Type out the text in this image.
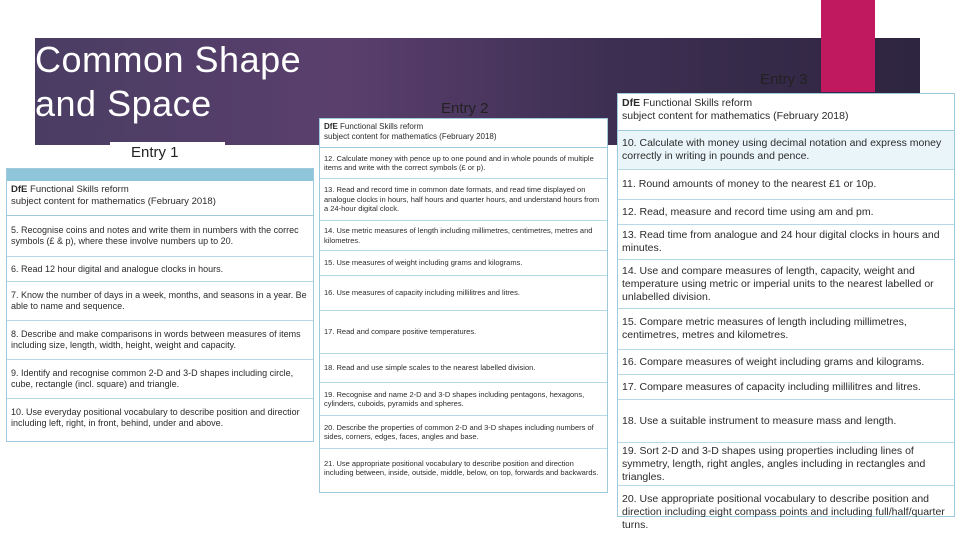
Common Shape
and Space
Entry 1
Entry 2
Entry 3
DfE Functional Skills reform
subject content for mathematics (February 2018)
5. Recognise coins and notes and write them in numbers with the correc symbols (£ & p), where these involve numbers up to 20.
6. Read 12 hour digital and analogue clocks in hours.
7. Know the number of days in a week, months, and seasons in a year. Be able to name and sequence.
8. Describe and make comparisons in words between measures of items including size, length, width, height, weight and capacity.
9. Identify and recognise common 2-D and 3-D shapes including circle, cube, rectangle (incl. square) and triangle.
10. Use everyday positional vocabulary to describe position and directior including left, right, in front, behind, under and above.
DfE Functional Skills reform
subject content for mathematics (February 2018)
12. Calculate money with pence up to one pound and in whole pounds of multiple items and write with the correct symbols (£ or p).
13. Read and record time in common date formats, and read time displayed on analogue clocks in hours, half hours and quarter hours, and understand hours from a 24-hour digital clock.
14. Use metric measures of length including millimetres, centimetres, metres and kilometres.
15. Use measures of weight including grams and kilograms.
16. Use measures of capacity including millilitres and litres.
17. Read and compare positive temperatures.
18. Read and use simple scales to the nearest labelled division.
19. Recognise and name 2-D and 3-D shapes including pentagons, hexagons, cylinders, cuboids, pyramids and spheres.
20. Describe the properties of common 2-D and 3-D shapes including numbers of sides, corners, edges, faces, angles and base.
21. Use appropriate positional vocabulary to describe position and direction including between, inside, outside, middle, below, on top, forwards and backwards.
DfE Functional Skills reform
subject content for mathematics (February 2018)
10. Calculate with money using decimal notation and express money correctly in writing in pounds and pence.
11. Round amounts of money to the nearest £1 or 10p.
12. Read, measure and record time using am and pm.
13. Read time from analogue and 24 hour digital clocks in hours and minutes.
14. Use and compare measures of length, capacity, weight and temperature using metric or imperial units to the nearest labelled or unlabelled division.
15. Compare metric measures of length including millimetres, centimetres, metres and kilometres.
16. Compare measures of weight including grams and kilograms.
17. Compare measures of capacity including millilitres and litres.
18. Use a suitable instrument to measure mass and length.
19. Sort 2-D and 3-D shapes using properties including lines of symmetry, length, right angles, angles including in rectangles and triangles.
20. Use appropriate positional vocabulary to describe position and direction including eight compass points and including full/half/quarter turns.
